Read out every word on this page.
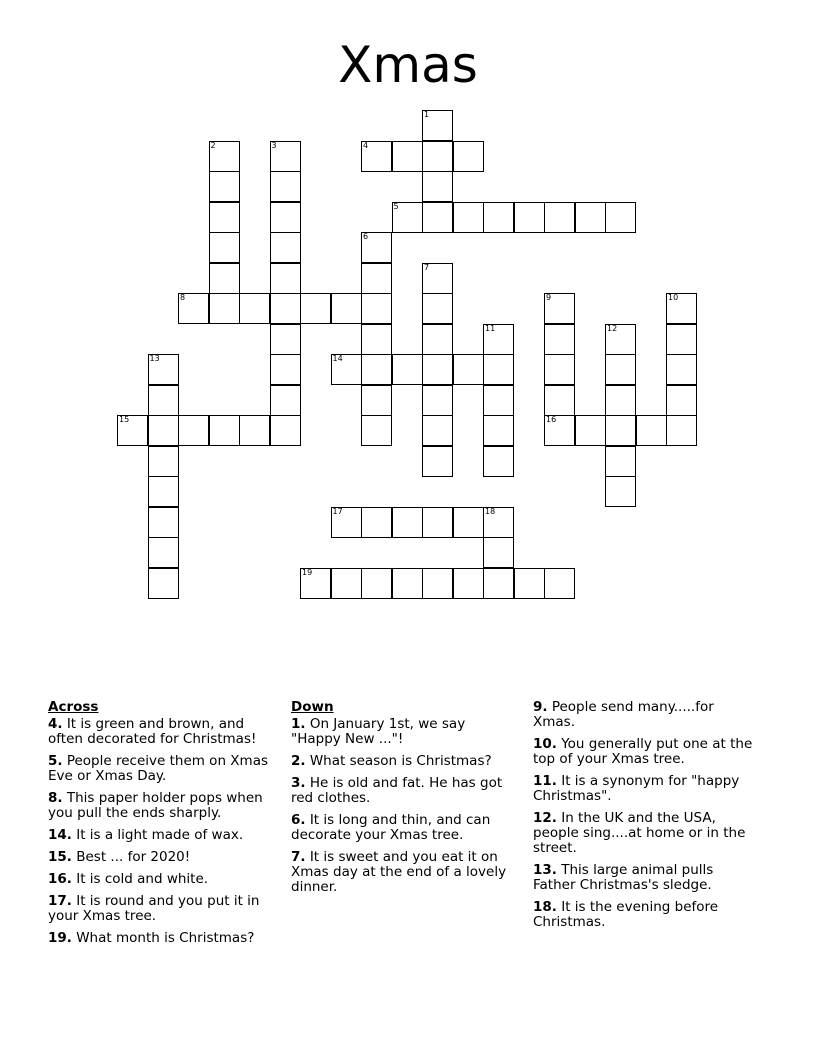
Xmas
1
2	3	4
5
6
7
8	9
16
10
11	12
13	14
15
17	18
19
Across
4. It is green and brown, and often decorated for Christmas!
5. People receive them on Xmas Eve or Xmas Day.
8. This paper holder pops when you pull the ends sharply.
14. It is a light made of wax.
15. Best ... for 2020!
16. It is cold and white.
17. It is round and you put it in your Xmas tree.
19. What month is Christmas?
Down
1. On January 1st, we say "Happy New ..."!
2. What season is Christmas?
3. He is old and fat. He has got red clothes.
6. It is long and thin, and can decorate your Xmas tree.
7. It is sweet and you eat it on Xmas day at the end of a lovely dinner.
9. People send many.....for Xmas.
10. You generally put one at the top of your Xmas tree.
11. It is a synonym for "happy Christmas".
12. In the UK and the USA, people sing....at home or in the street.
13. This large animal pulls Father Christmas's sledge.
18. It is the evening before Christmas.
